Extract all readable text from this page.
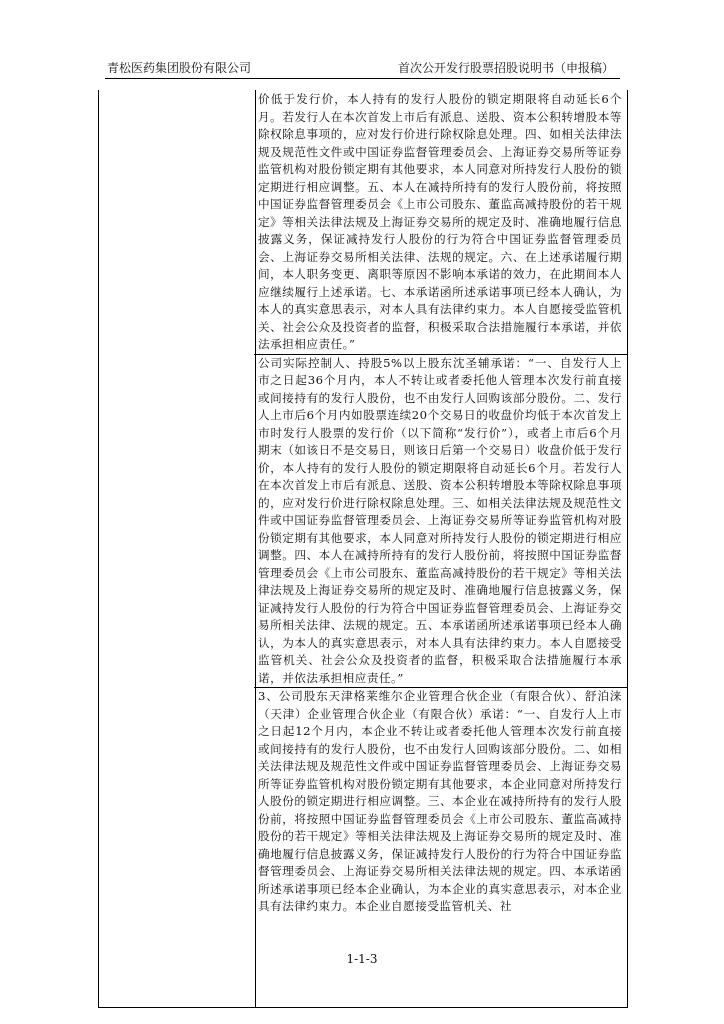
青松医药集团股份有限公司	首次公开发行股票招股说明书（申报稿）
价低于发行价，本人持有的发行人股份的锁定期限将自动延长6个月。若发行人在本次首发上市后有派息、送股、资本公积转增股本等除权除息事项的，应对发行价进行除权除息处理。四、如相关法律法规及规范性文件或中国证券监督管理委员会、上海证券交易所等证券监管机构对股份锁定期有其他要求，本人同意对所持发行人股份的锁定期进行相应调整。五、本人在减持所持有的发行人股份前，将按照中国证券监督管理委员会《上市公司股东、董监高减持股份的若干规定》等相关法律法规及上海证券交易所的规定及时、准确地履行信息披露义务，保证减持发行人股份的行为符合中国证券监督管理委员会、上海证券交易所相关法律、法规的规定。六、在上述承诺履行期间，本人职务变更、离职等原因不影响本承诺的效力，在此期间本人应继续履行上述承诺。七、本承诺函所述承诺事项已经本人确认，为本人的真实意思表示，对本人具有法律约束力。本人自愿接受监管机关、社会公众及投资者的监督，积极采取合法措施履行本承诺，并依法承担相应责任。”
公司实际控制人、持股5%以上股东沈圣辅承诺：“一、自发行人上市之日起36个月内，本人不转让或者委托他人管理本次发行前直接或间接持有的发行人股份，也不由发行人回购该部分股份。二、发行人上市后6个月内如股票连续20个交易日的收盘价均低于本次首发上市时发行人股票的发行价（以下简称“发行价”），或者上市后6个月期末（如该日不是交易日，则该日后第一个交易日）收盘价低于发行价，本人持有的发行人股份的锁定期限将自动延长6个月。若发行人在本次首发上市后有派息、送股、资本公积转增股本等除权除息事项的，应对发行价进行除权除息处理。三、如相关法律法规及规范性文件或中国证券监督管理委员会、上海证券交易所等证券监管机构对股份锁定期有其他要求，本人同意对所持发行人股份的锁定期进行相应调整。四、本人在减持所持有的发行人股份前，将按照中国证券监督管理委员会《上市公司股东、董监高减持股份的若干规定》等相关法律法规及上海证券交易所的规定及时、准确地履行信息披露义务，保证减持发行人股份的行为符合中国证券监督管理委员会、上海证券交易所相关法律、法规的规定。五、本承诺函所述承诺事项已经本人确认，为本人的真实意思表示，对本人具有法律约束力。本人自愿接受监管机关、社会公众及投资者的监督，积极采取合法措施履行本承诺，并依法承担相应责任。”
3、公司股东天津格莱维尔企业管理合伙企业（有限合伙）、舒泊涞（天津）企业管理合伙企业（有限合伙）承诺：“一、自发行人上市之日起12个月内，本企业不转让或者委托他人管理本次发行前直接或间接持有的发行人股份，也不由发行人回购该部分股份。二、如相关法律法规及规范性文件或中国证券监督管理委员会、上海证券交易所等证券监管机构对股份锁定期有其他要求，本企业同意对所持发行人股份的锁定期进行相应调整。三、本企业在减持所持有的发行人股份前，将按照中国证券监督管理委员会《上市公司股东、董监高减持股份的若干规定》等相关法律法规及上海证券交易所的规定及时、准确地履行信息披露义务，保证减持发行人股份的行为符合中国证券监督管理委员会、上海证券交易所相关法律法规的规定。四、本承诺函所述承诺事项已经本企业确认，为本企业的真实意思表示，对本企业具有法律约束力。本企业自愿接受监管机关、社
1-1-3
